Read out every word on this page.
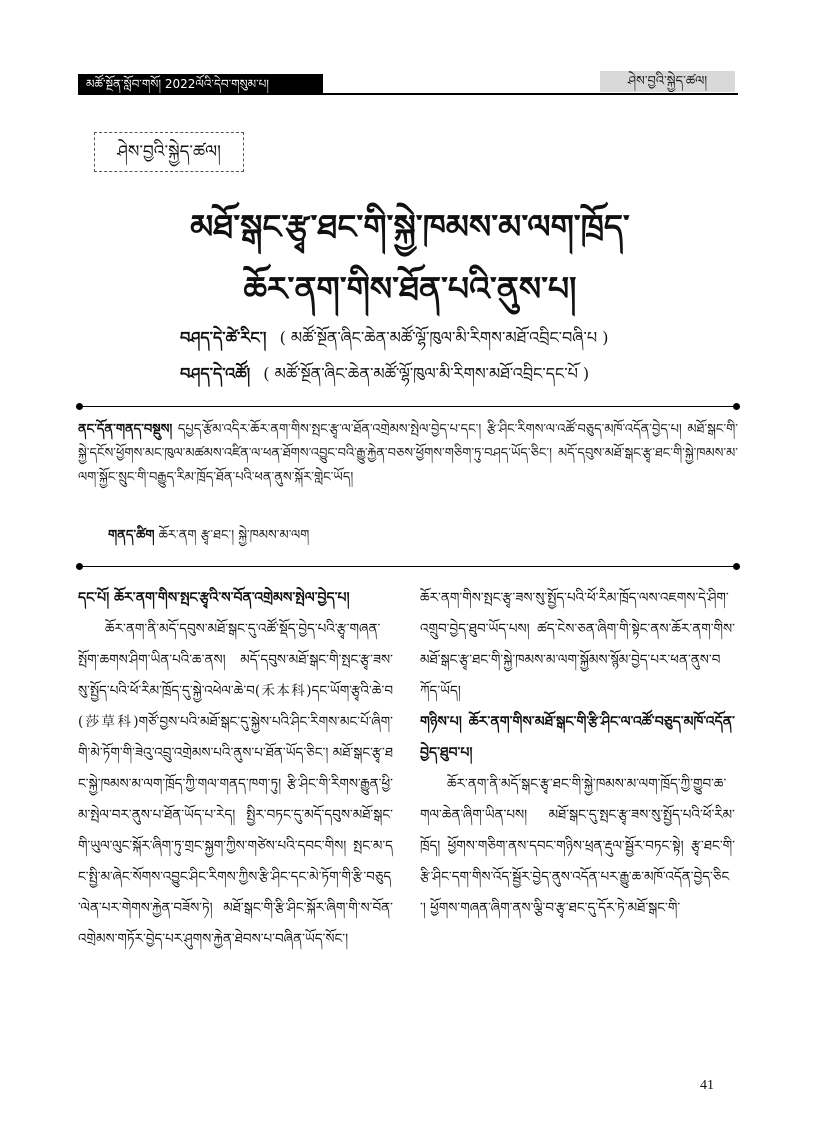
མཚོ་སྔོན་སློབ་གསོ། 2022ལོའི་དེབ་གསུམ་པ།	ཤེས་བྱའི་སྐྱེད་ཚལ།
ཤེས་བྱའི་སྐྱེད་ཚལ།
མཐོ་སྒང་རྩྭ་ཐང་གི་སྐྱེ་ཁམས་མ་ལག་ཁྲོད་
ཆོར་ནག་གིས་ཐོན་པའི་ནུས་པ།
བཤད་དེ་ཚེ་རིང་། ( མཚོ་སྔོན་ཞིང་ཆེན་མཚོ་ལྷོ་ཁུལ་མི་རིགས་མཐོ་འབྲིང་བཞི་པ )
བཤད་དེ་འཚོ། ( མཚོ་སྔོན་ཞིང་ཆེན་མཚོ་ལྷོ་ཁུལ་མི་རིགས་མཐོ་འབྲིང་དང་པོ )
ནང་དོན་གནད་བསྡུས། དཔྱད་རྩོམ་འདིར་ཆོར་ནག་གིས་སྤང་རྩྭ་ལ་ཐོན་འགྲེམས་སྤེལ་བྱེད་པ་དང་། རྩི་ཤིང་རིགས་ལ་འཚོ་བཅུད་མཁོ་འདོན་བྱེད་པ། མཐོ་སྒང་གི་སྐྱེ་དངོས་ཕྱོགས་མང་ཁུལ་མཚམས་འཛིན་ལ་ཕན་ཐོགས་འབྱུང་བའི་རྒྱུ་རྐྱེན་བཅས་ཕྱོགས་གཅིག་ཏུ་བཤད་ཡོད་ཅིང་། མདོ་དབུས་མཐོ་སྒང་རྩྭ་ཐང་གི་སྐྱེ་ཁམས་མ་ལག་སྐྱོང་སྲུང་གི་བརྒྱུད་རིམ་ཁྲོད་ཐོན་པའི་ཕན་ནུས་སྐོར་གླེང་ཡོད།
གནད་ཚིག ཆོར་ནག རྩྭ་ཐང་། སྐྱེ་ཁམས་མ་ལག
དང་པོ། ཆོར་ནག་གིས་སྤང་རྩྭའི་ས་བོན་འགྲེམས་སྤེལ་བྱེད་པ།

ཆོར་ནག་ནི་མདོ་དབུས་མཐོ་སྒང་དུ་འཚོ་སྡོད་བྱེད་པའི་རྩྭ་གཞན་སྤོག་ཆགས་ཤིག་ཡིན་པའི་ཆ་ནས། མདོ་དབུས་མཐོ་སྒང་གི་སྤང་རྩྭ་ཟས་སུ་སྤྱོད་པའི་ཕོ་རིམ་ཁྲོད་དུ་སྐྱེ་འཕེལ་ཆེ་བ(禾本科)དང་ཡོག་རྩྭའི་ཆེ་བ(莎草科)གཙོ་བྱས་པའི་མཐོ་སྒང་དུ་སྐྱེས་པའི་ཤིང་རིགས་མང་པོ་ཞིག་གི་མེ་ཏོག་གི་ཟེའུ་འབྲུ་འགྲེམས་པའི་ནུས་པ་ཐོན་ཡོད་ཅིང་། མཐོ་སྒང་རྩྭ་ཐང་སྐྱེ་ཁམས་མ་ལག་ཁྲོད་ཀྱི་གལ་གནད་ཁག་ཏུ། རྩི་ཤིང་གི་རིགས་རྒྱུན་ཕྱི་མ་སྤེལ་བར་ནུས་པ་ཐོན་ཡོད་པ་རེད། སྤྱིར་བཏང་དུ་མདོ་དབུས་མཐོ་སྒང་གི་ཡུལ་ལུང་སྐོར་ཞིག་ཏུ་གྲང་སྐྱག་ཀྱིས་གཙེས་པའི་དབང་གིས། སྤང་མ་དང་སྤྱི་མ་ཞེང་སོགས་འབྱུང་ཤིང་རིགས་ཀྱིས་རྩི་ཤིང་དང་མེ་ཏོག་གི་རྩི་བཅུད་ལེན་པར་གེགས་རྐྱེན་བཟོས་ཏེ། མཐོ་སྒང་གི་རྩི་ཤིང་སྐོར་ཞིག་གི་ས་བོན་འགྲེམས་གཏོར་བྱེད་པར་ཤུགས་རྐྱེན་ཐེབས་པ་བཞིན་ཡོད་སོང་།

ཆོར་ནག་གིས་སྤང་རྩྭ་ཟས་སུ་སྤྱོད་པའི་ཕོ་རིམ་ཁྲོད་ལས་འཇགས་དེ་ཤིག་འགྲུབ་བྱེད་ཐུབ་ཡོད་པས། ཚད་ངེས་ཅན་ཞིག་གི་སྟེང་ནས་ཆོར་ནག་གིས་མཐོ་སྒང་རྩྭ་ཐང་གི་སྐྱེ་ཁམས་མ་ལག་སྐྱོམས་སྙོམ་བྱེད་པར་ཕན་ནུས་བཀོད་ཡོད།

གཉིས་པ། ཆོར་ནག་གིས་མཐོ་སྒང་གི་རྩི་ཤིང་ལ་འཚོ་བཅུད་མཁོ་འདོན་བྱེད་ཐུབ་པ།

ཆོར་ནག་ནི་མདོ་སྒང་རྩྭ་ཐང་གི་སྐྱེ་ཁམས་མ་ལག་ཁྲོད་ཀྱི་གྱུབ་ཆ་གལ་ཆེན་ཞིག་ཡིན་པས། མཐོ་སྒང་དུ་སྤང་རྩྭ་ཟས་སུ་སྤྱོད་པའི་ཕོ་རིམ་ཁྲོད། ཕྱོགས་གཅིག་ནས་དབང་གཉིས་ཕྲན་རྡུལ་སྦྱོར་བཏང་སྟེ། རྩྭ་ཐང་གི་རྩི་ཤིང་དག་གིས་འོད་སྦྱོར་བྱེད་ནུས་འདོན་པར་རྒྱུ་ཆ་མཁོ་འདོན་བྱེད་ཅིང་། ཕྱོགས་གཞན་ཞིག་ནས་ལྕི་བ་རྩྭ་ཐང་དུ་དོར་ཏེ་མཐོ་སྒང་གི་

41
